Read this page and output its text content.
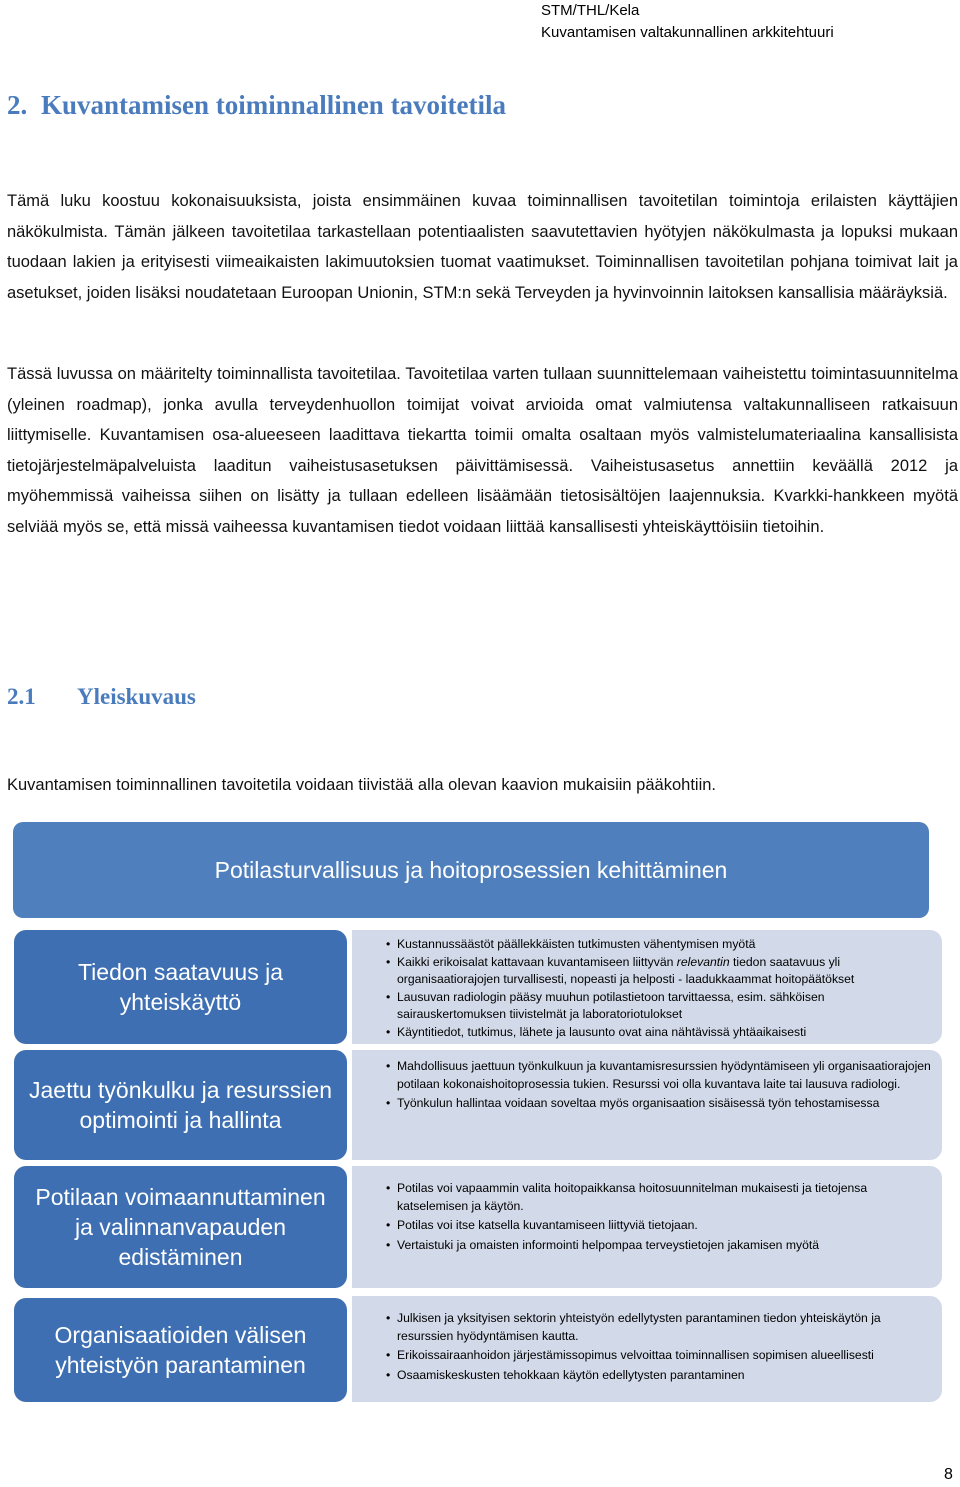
STM/THL/Kela
Kuvantamisen valtakunnallinen arkkitehtuuri
2. Kuvantamisen toiminnallinen tavoitetila

Tämä luku koostuu kokonaisuuksista, joista ensimmäinen kuvaa toiminnallisen tavoitetilan toimintoja erilaisten käyttäjien näkökulmista. Tämän jälkeen tavoitetilaa tarkastellaan potentiaalisten saavutettavien hyötyjen näkökulmasta ja lopuksi mukaan tuodaan lakien ja erityisesti viimeaikaisten lakimuutoksien tuomat vaatimukset. Toiminnallisen tavoitetilan pohjana toimivat lait ja asetukset, joiden lisäksi noudatetaan Euroopan Unionin, STM:n sekä Terveyden ja hyvinvoinnin laitoksen kansallisia määräyksiä.

Tässä luvussa on määritelty toiminnallista tavoitetilaa. Tavoitetilaa varten tullaan suunnittelemaan vaiheistettu toimintasuunnitelma (yleinen roadmap), jonka avulla terveydenhuollon toimijat voivat arvioida omat valmiutensa valtakunnalliseen ratkaisuun liittymiselle. Kuvantamisen osa-alueeseen laadittava tiekartta toimii omalta osaltaan myös valmistelumateriaalina kansallisista tietojärjestelmäpalveluista laaditun vaiheistusasetuksen päivittämisessä. Vaiheistusasetus annettiin keväällä 2012 ja myöhemmissä vaiheissa siihen on lisätty ja tullaan edelleen lisäämään tietosisältöjen laajennuksia. Kvarkki-hankkeen myötä selviää myös se, että missä vaiheessa kuvantamisen tiedot voidaan liittää kansallisesti yhteiskäyttöisiin tietoihin.

2.1 Yleiskuvaus

Kuvantamisen toiminnallinen tavoitetila voidaan tiivistää alla olevan kaavion mukaisiin pääkohtiin.

Potilasturvallisuus ja hoitoprosessien kehittäminen
• Kustannussäästöt päällekkäisten tutkimusten vähentymisen myötä
• Kaikki erikoisalat kattavaan kuvantamiseen liittyvän relevantin tiedon saatavuus yli organisaatiorajojen turvallisesti, nopeasti ja helposti - laadukkaammat hoitopäätökset
• Lausuvan radiologin pääsy muuhun potilastietoon tarvittaessa, esim. sähköisen sairauskertomuksen tiivistelmät ja laboratoriotulokset
• Käyntitiedot, tutkimus, lähete ja lausunto ovat aina nähtävissä yhtäaikaisesti
Tiedon saatavuus ja yhteiskäyttö
• Mahdollisuus jaettuun työnkulkuun ja kuvantamisresurssien hyödyntämiseen yli organisaatiorajojen potilaan kokonaishoitoprosessia tukien. Resurssi voi olla kuvantava laite tai lausuva radiologi.
• Työnkulun hallintaa voidaan soveltaa myös organisaation sisäisessä työn tehostamisessa
Jaettu työnkulku ja resurssien optimointi ja hallinta
• Potilas voi vapaammin valita hoitopaikkansa hoitosuunnitelman mukaisesti ja tietojensa katselemisen ja käytön.
• Potilas voi itse katsella kuvantamiseen liittyviä tietojaan.
• Vertaistuki ja omaisten informointi helpompaa terveystietojen jakamisen myötä
Potilaan voimaannuttaminen ja valinnanvapauden edistäminen
• Julkisen ja yksityisen sektorin yhteistyön edellytysten parantaminen tiedon yhteiskäytön ja resurssien hyödyntämisen kautta.
• Erikoissairaanhoidon järjestämissopimus velvoittaa toiminnallisen sopimisen alueellisesti
• Osaamiskeskusten tehokkaan käytön edellytysten parantaminen
Organisaatioiden välisen yhteistyön parantaminen
8
